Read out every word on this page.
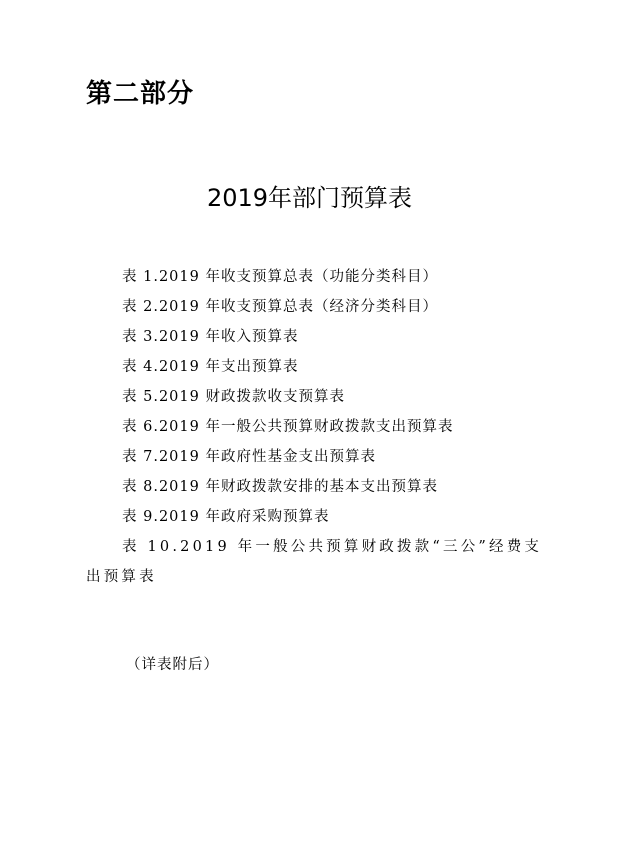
第二部分
2019年部门预算表
表 1.2019 年收支预算总表（功能分类科目）
表 2.2019 年收支预算总表（经济分类科目）
表 3.2019 年收入预算表
表 4.2019 年支出预算表
表 5.2019 财政拨款收支预算表
表 6.2019 年一般公共预算财政拨款支出预算表
表 7.2019 年政府性基金支出预算表
表 8.2019 年财政拨款安排的基本支出预算表
表 9.2019 年政府采购预算表
表 10.2019 年一般公共预算财政拨款“三公”经费支出预算表
（详表附后）
